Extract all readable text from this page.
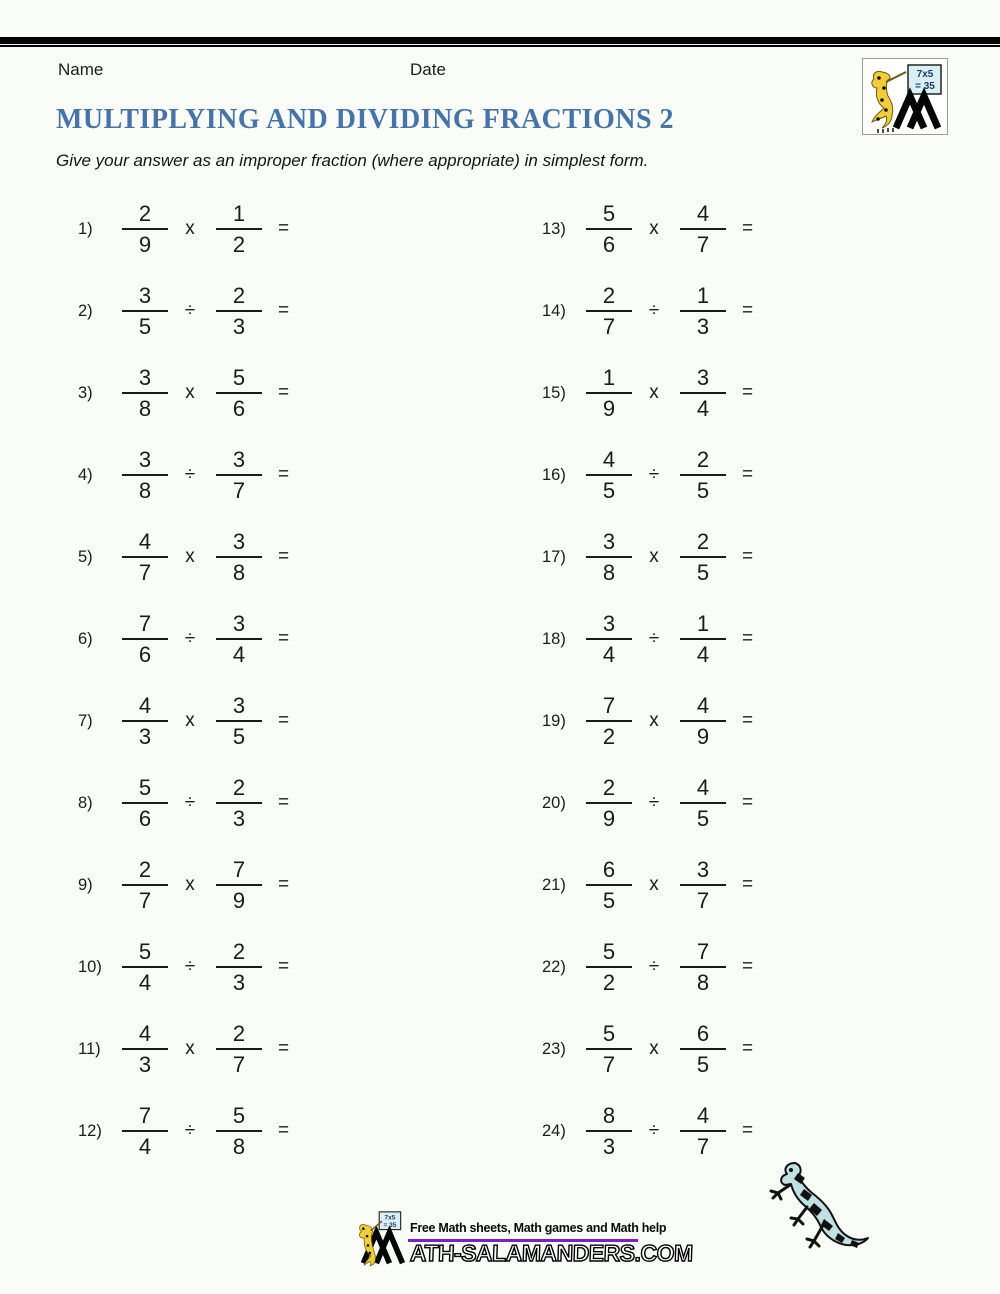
Name	Date	7x5
= 35
MULTIPLYING AND DIVIDING FRACTIONS 2
Give your answer as an improper fraction (where appropriate) in simplest form.
1)	$\frac{2}{9}$ x $\frac{1}{2}$ =
2)	$\frac{3}{5} \div \frac{2}{3}$ =
3)	$\frac{3}{8}$ x $\frac{5}{6}$ =
4)	$\frac{3}{8} \div \frac{3}{7}$ =
5)	$\frac{4}{7}$ x $\frac{3}{8}$ =
6)	$\frac{7}{6} \div \frac{3}{4}$ =
7)	$\frac{4}{3}$ x $\frac{3}{5}$ =
8)	$\frac{5}{6} \div \frac{2}{3}$ =
9)	$\frac{2}{7}$ x $\frac{7}{9}$ =
$10) \frac{5}{4} \div \frac{2}{3}$ =
$11) \frac{4}{3}$ x $\frac{2}{7}$ =
$12) \frac{7}{4} \div \frac{5}{8}$ =
$13) \frac{5}{6}$ x $\frac{4}{7}$ =
$14) \frac{2}{7} \div \frac{1}{3}$ =
$15) \frac{1}{9}$ x $\frac{3}{4}$ =
$16) \frac{4}{5} \div \frac{2}{5}$ =
$17) \frac{3}{8}$ x $\frac{2}{5}$ =
$18) \frac{3}{4} \div \frac{1}{4}$ =
$19) \frac{7}{2}$ x $\frac{4}{9}$ =
$20) \frac{2}{9} \div \frac{4}{5}$ =
$21) \frac{6}{5}$ x $\frac{3}{7}$ =
$22) \frac{5}{2} \div \frac{7}{8}$ =
$23) \frac{5}{7}$ x $\frac{6}{5}$ =
$24) \frac{8}{3} \div \frac{4}{7}$ =
7x5
= 35 Free Math sheets, Math games and Math help
ATH-SALAMANDERS.COM
